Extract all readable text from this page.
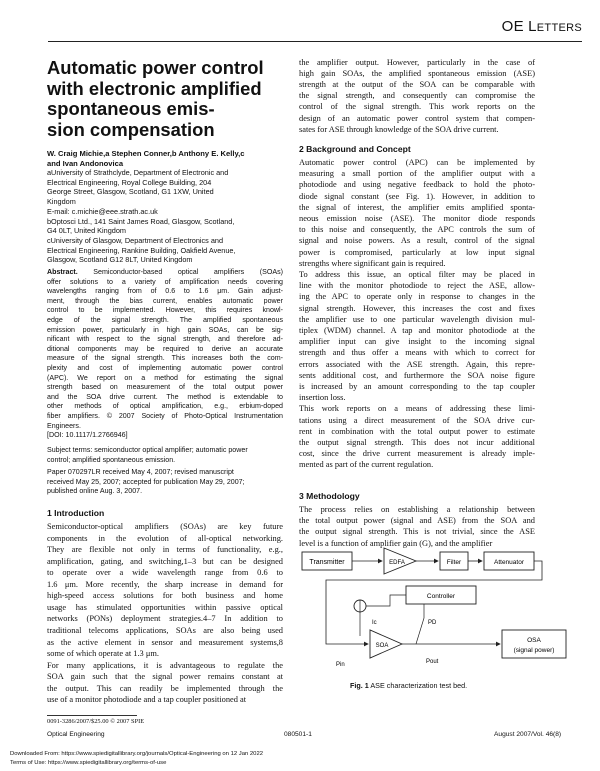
OE Letters
Automatic power control
with electronic amplified
spontaneous emis-
sion compensation
W. Craig Michie,a Stephen Conner,b Anthony E. Kelly,c
and Ivan Andonovica
aUniversity of Strathclyde, Department of Electronic and
Electrical Engineering, Royal College Building, 204
George Street, Glasgow, Scotland, G1 1XW, United
Kingdom
E-mail: c.michie@eee.strath.ac.uk
bOptosci Ltd., 141 Saint James Road, Glasgow, Scotland,
G4 0LT, United Kingdom
cUniversity of Glasgow, Department of Electronics and
Electrical Engineering, Rankine Building, Oakfield Avenue,
Glasgow, Scotland G12 8LT, United Kingdom
Abstract. Semiconductor-based optical amplifiers (SOAs)
offer solutions to a variety of amplification needs covering
wavelengths ranging from of 0.6 to 1.6 μm. Gain adjust-
ment, through the bias current, enables automatic power
control to be implemented. However, this requires knowl-
edge of the signal strength. The amplified spontaneous
emission power, particularly in high gain SOAs, can be sig-
nificant with respect to the signal strength, and therefore ad-
ditional components may be required to derive an accurate
measure of the signal strength. This increases both the com-
plexity and cost of implementing automatic power control
(APC). We report on a method for estimating the signal
strength based on measurement of the total output power
and the SOA drive current. The method is extendable to
other methods of optical amplification, e.g., erbium-doped
fiber amplifiers. © 2007 Society of Photo-Optical Instrumentation
Engineers.
[DOI: 10.1117/1.2766946]
Subject terms: semiconductor optical amplifier; automatic power
control; amplified spontaneous emission.
Paper 070297LR received May 4, 2007; revised manuscript
received May 25, 2007; accepted for publication May 29, 2007;
published online Aug. 3, 2007.
1 Introduction
Semiconductor-optical amplifiers (SOAs) are key future
components in the evolution of all-optical networking.
They are flexible not only in terms of functionality, e.g.,
amplification, gating, and switching,1–3 but can be designed
to operate over a wide wavelength range from 0.6 to
1.6 μm. More recently, the sharp increase in demand for
high-speed access solutions for both business and home
usage has stimulated opportunities within passive optical
networks (PONs) deployment strategies.4–7 In addition to
traditional telecoms applications, SOAs are also being used
as the active element in sensor and measurement systems,8
some of which operate at 1.3 μm.
For many applications, it is advantageous to regulate the
SOA gain such that the signal power remains constant at
the output. This can readily be implemented through the
use of a monitor photodiode and a tap coupler positioned at
0091-3286/2007/$25.00 © 2007 SPIE
the amplifier output. However, particularly in the case of
high gain SOAs, the amplified spontaneous emission (ASE)
strength at the output of the SOA can be comparable with
the signal strength, and consequently can compromise the
control of the signal strength. This work reports on the
design of an automatic power control system that compen-
sates for ASE through knowledge of the SOA drive current.
2 Background and Concept
Automatic power control (APC) can be implemented by
measuring a small portion of the amplifier output with a
photodiode and using negative feedback to hold the photo-
diode signal constant (see Fig. 1). However, in addition to
the signal of interest, the amplifier emits amplified sponta-
neous emission noise (ASE). The monitor diode responds
to this noise and consequently, the APC controls the sum of
signal and noise powers. As a result, control of the signal
power is compromised, particularly at low input signal
strengths where significant gain is required.
To address this issue, an optical filter may be placed in
line with the monitor photodiode to reject the ASE, allow-
ing the APC to operate only in response to changes in the
signal strength. However, this increases the cost and fixes
the amplifier use to one particular wavelength division mul-
tiplex (WDM) channel. A tap and monitor photodiode at the
amplifier input can give insight to the incoming signal
strength and thus offer a means with which to correct for
errors associated with the ASE strength. Again, this repre-
sents additional cost, and furthermore the SOA noise figure
is increased by an amount corresponding to the tap coupler
insertion loss.
This work reports on a means of addressing these limi-
tations using a direct measurement of the SOA drive cur-
rent in combination with the total output power to estimate
the output signal strength. This does not incur additional
cost, since the drive current measurement is already imple-
mented as part of the current regulation.
3 Methodology
The process relies on establishing a relationship between
the total output power (signal and ASE) from the SOA and
the output signal strength. This is not trivial, since the ASE
level is a function of amplifier gain (G), and the amplifier
Transmitter	EDFA	Filter	Attenuator
Controller
Ic
SOA
PD
Pin	Pout
OSA
(signal power)
Fig. 1 ASE characterization test bed.
Optical Engineering	080501-1	August 2007/Vol. 46(8)
Downloaded From: https://www.spiedigitallibrary.org/journals/Optical-Engineering on 12 Jan 2022
Terms of Use: https://www.spiedigitallibrary.org/terms-of-use
